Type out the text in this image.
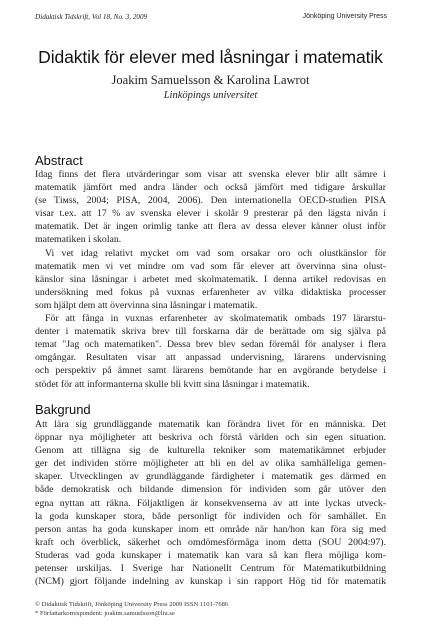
Didaktisk Tidskrift, Vol 18, No. 3, 2009	Jönköping University Press
Didaktik för elever med låsningar i matematik
Joakim Samuelsson & Karolina Lawrot
Linköpings universitet
Abstract
Idag finns det flera utvärderingar som visar att svenska elever blir allt sämre i
matematik jämfört med andra länder och också jämfört med tidigare årskullar
(se Tімss, 2004; PISA, 2004, 2006). Den internationella OECD-studien PISA
visar t.ex. att 17 % av svenska elever i skolår 9 presterar på den lägsta nivån i
matematik. Det är ingen orimlig tanke att flera av dessa elever känner olust inför
matematiken i skolan.
Vi vet idag relativt mycket om vad som orsakar oro och olustkänslor för
matematik men vi vet mindre om vad som får elever att övervinna sina olust-
känslor sina låsningar i arbetet med skolmatematik. I denna artikel redovisas en
undersökning med fokus på vuxnas erfarenheter av vilka didaktiska processer
som hjälpt dem att övervinna sina låsningar i matematik.
För att fånga in vuxnas erfarenheter av skolmatematik ombads 197 lärarstu-
denter i matematik skriva brev till forskarna där de berättade om sig själva på
temat "Jag och matematiken". Dessa brev blev sedan föremål för analyser i flera
omgångar. Resultaten visar att anpassad undervisning, lärarens undervisning
och perspektiv på ämnet samt lärarens bemötande har en avgörande betydelse i
stödet för att informanterna skulle bli kvitt sina låsningar i matematik.
Bakgrund
Att lära sig grundläggande matematik kan förändra livet för en människa. Det
öppnar nya möjligheter att beskriva och förstå världen och sin egen situation.
Genom att tillägna sig de kulturella tekniker som matematikämnet erbjuder
ger det individen större möjligheter att bli en del av olika samhälleliga gemen-
skaper. Utvecklingen av grundläggande färdigheter i matematik ges därmed en
både demokratisk och bildande dimension för individen som går utöver den
egna nyttan att räkna. Följaktligen är konsekvenserna av att inte lyckas utveck-
la goda kunskaper stora, både personligt för individen och för samhället. En
person antas ha goda kunskaper inom ett område när han/hon kan föra sig med
kraft och överblick, säkerhet och omdömesförmåga inom detta (SOU 2004:97).
Studeras vad goda kunskaper i matematik kan vara så kan flera möjliga kom-
petenser urskiljas. I Sverige har Nationellt Centrum för Matematikutbildning
(NCM) gjort följande indelning av kunskap i sin rapport Hög tid för matematik
© Didaktisk Tidskrift, Jönköping University Press 2009 ISSN 1101-7686
* Författarkorrespondent: joakim.samuelsson@liu.se
